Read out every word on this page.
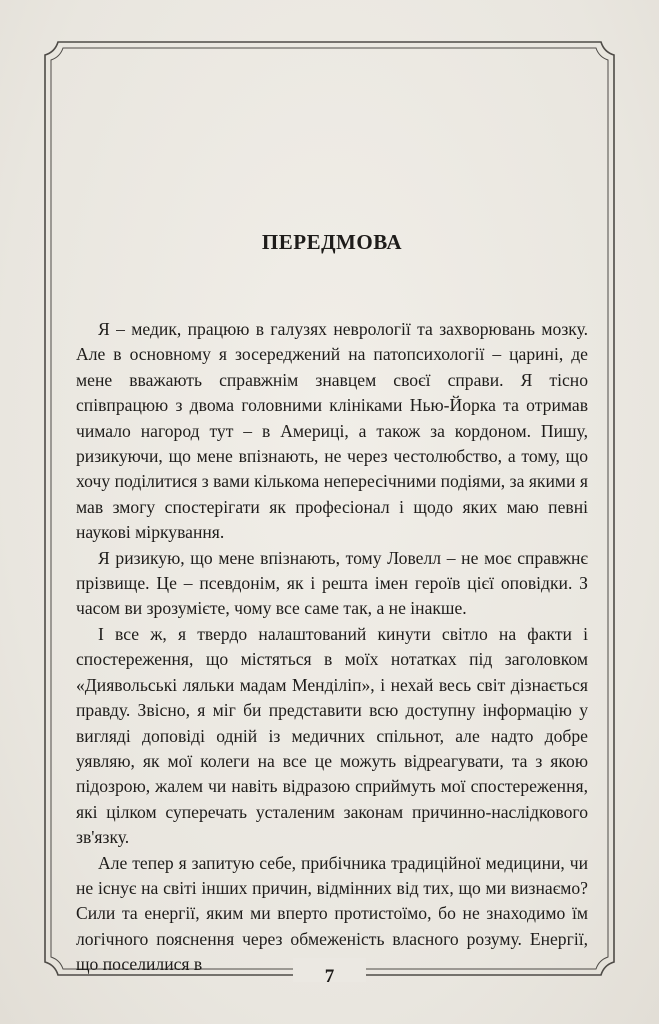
ПЕРЕДМОВА

Я – медик, працюю в галузях неврології та захворювань мозку. Але в основному я зосереджений на патопсихології – царині, де мене вважають справжнім знавцем своєї справи. Я тісно співпрацюю з двома головними клініками Нью-Йорка та отримав чимало нагород тут – в Америці, а також за кордоном. Пишу, ризикуючи, що мене впізнають, не через честолюбство, а тому, що хочу поділитися з вами кількома непересічними подіями, за якими я мав змогу спостерігати як професіонал і щодо яких маю певні наукові міркування.

Я ризикую, що мене впізнають, тому Ловелл – не моє справжнє прізвище. Це – псевдонім, як і решта імен героїв цієї оповідки. З часом ви зрозумієте, чому все саме так, а не інакше.

І все ж, я твердо налаштований кинути світло на факти і спостереження, що містяться в моїх нотатках під заголовком «Диявольські ляльки мадам Менділіп», і нехай весь світ дізнається правду. Звісно, я міг би представити всю доступну інформацію у вигляді доповіді одній із медичних спільнот, але надто добре уявляю, як мої колеги на все це можуть відреагувати, та з якою підозрою, жалем чи навіть відразою сприймуть мої спостереження, які цілком суперечать усталеним законам причинно-наслідкового зв'язку.

Але тепер я запитую себе, прибічника традиційної медицини, чи не існує на світі інших причин, відмінних від тих, що ми визнаємо? Сили та енергії, яким ми вперто протистоїмо, бо не знаходимо їм логічного пояснення через обмеженість власного розуму. Енергії, що поселилися в

7
